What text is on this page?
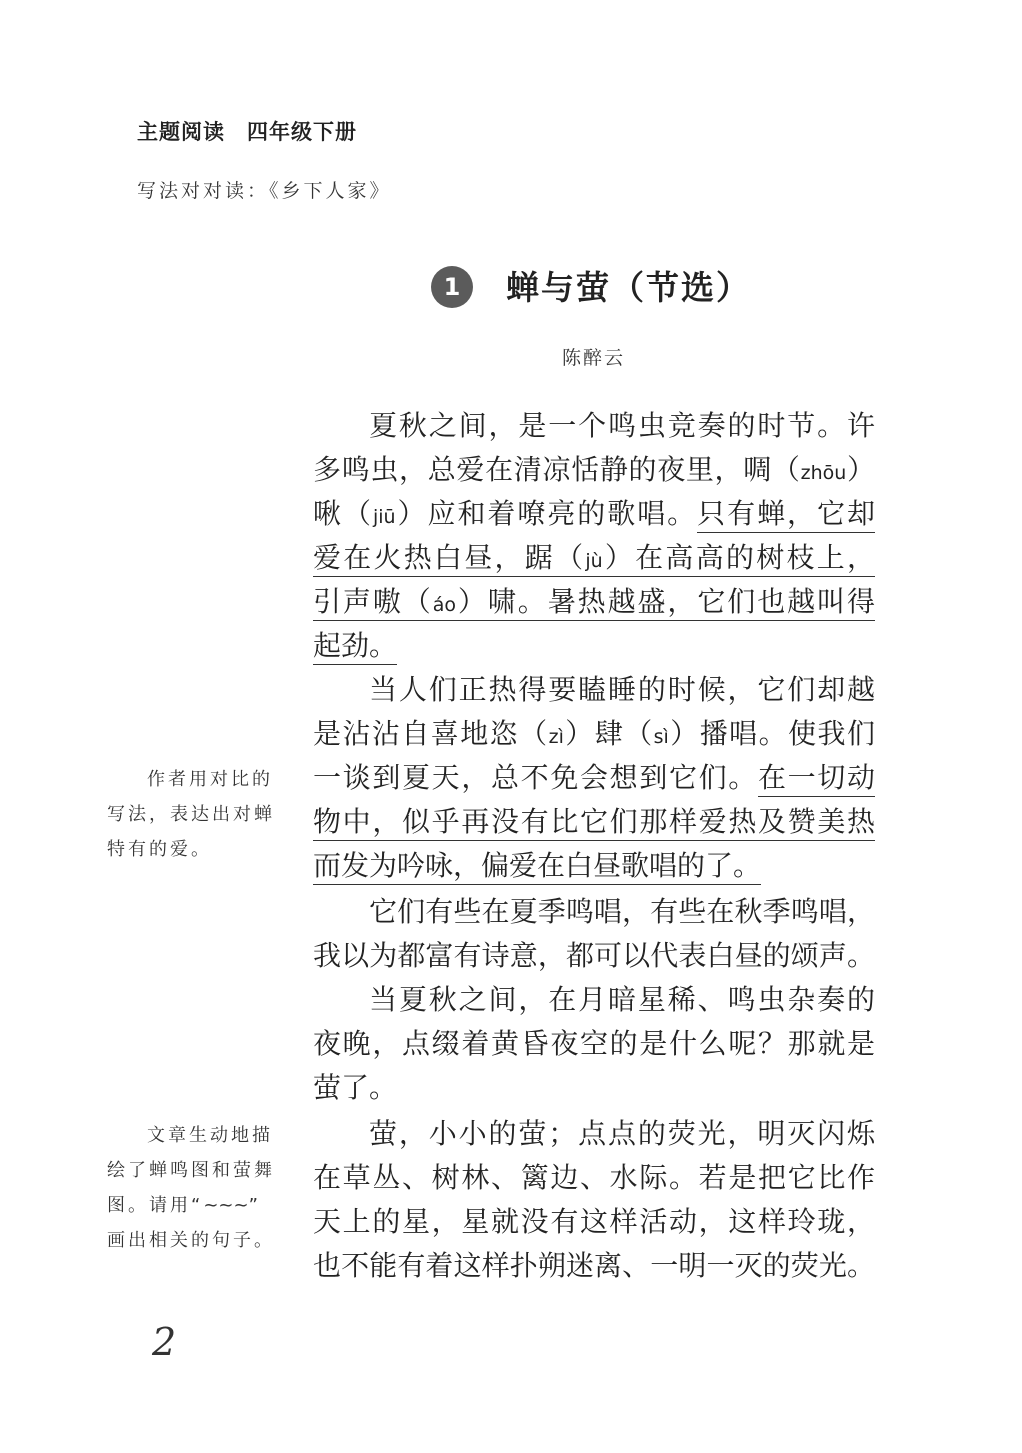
主题阅读　四年级下册
写法对对读：《乡下人家》
1	蝉与萤（节选）
陈醉云
夏秋之间，是一个鸣虫竞奏的时节。许
多鸣虫，总爱在清凉恬静的夜里，啁（zhōu）
啾（jiū）应和着嘹亮的歌唱。只有蝉，它却
爱在火热白昼，踞（jù）在高高的树枝上，
引声嗷（áo）啸。暑热越盛，它们也越叫得
起劲。
当人们正热得要瞌睡的时候，它们却越
是沾沾自喜地恣（zì）肆（sì）播唱。使我们
一谈到夏天，总不免会想到它们。在一切动
物中，似乎再没有比它们那样爱热及赞美热
而发为吟咏，偏爱在白昼歌唱的了。
它们有些在夏季鸣唱，有些在秋季鸣唱，
我以为都富有诗意，都可以代表白昼的颂声。
当夏秋之间，在月暗星稀、鸣虫杂奏的
夜晚，点缀着黄昏夜空的是什么呢？那就是
萤了。
萤，小小的萤；点点的荧光，明灭闪烁
在草丛、树林、篱边、水际。若是把它比作
天上的星，星就没有这样活动，这样玲珑，
也不能有着这样扑朔迷离、一明一灭的荧光。

作者用对比的

写法，表达出对蝉

特有的爱。

文章生动地描

绘了蝉鸣图和萤舞

图。请用“~~~”

画出相关的句子。

2
